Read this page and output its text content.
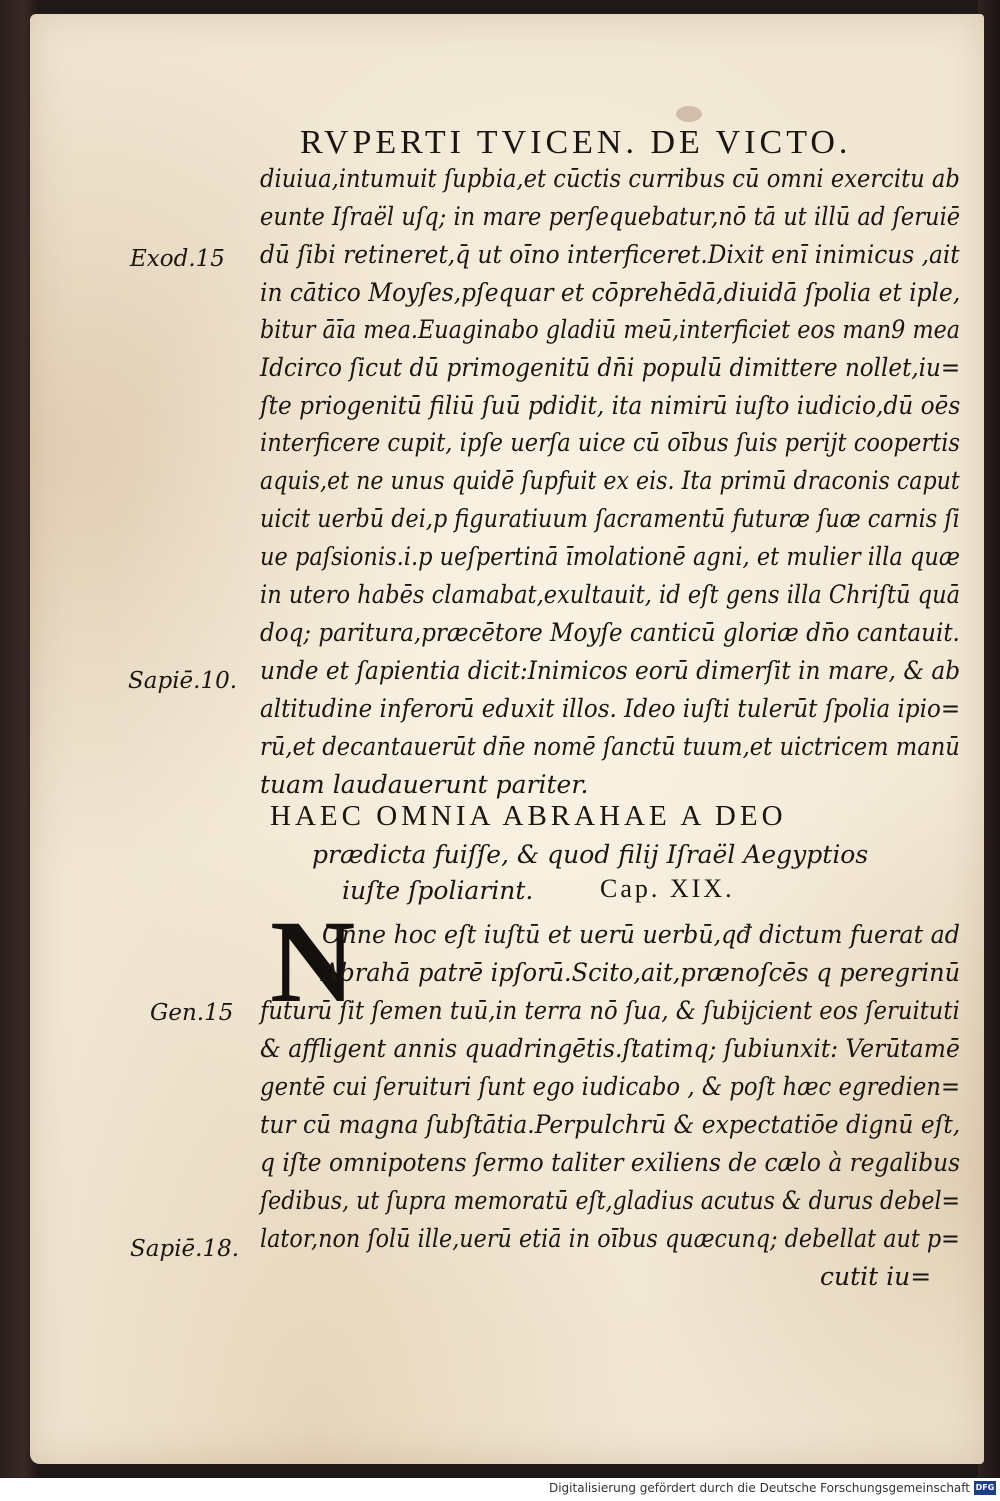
RVPERTI TVICEN. DE VICTO.
Exod.15
Sapiē.10.
Gen.15
Sapiē.18.
diuiua,intumuit ſupbia,et cūctis curribus cū omni exercitu ab
eunte Iſraël uſq; in mare perſequebatur,nō tā ut illū ad ſeruiē
dū ſibi retineret,q̄ ut oīno interficeret.Dixit enī inimicus ,ait
in cātico Moyſes,pſequar et cōprehēdā,diuidā ſpolia et iple,
bitur āīa mea.Euaginabo gladiū meū,interficiet eos man9 mea
Idcirco ſicut dū primogenitū dn̄i populū dimittere nollet,iu=
ſte priogenitū filiū ſuū pdidit, ita nimirū iuſto iudicio,dū oēs
interficere cupit, ipſe uerſa uice cū oībus ſuis perijt coopertis
aquis,et ne unus quidē ſupfuit ex eis. Ita primū draconis caput
uicit uerbū dei,p figuratiuum ſacramentū futuræ ſuæ carnis ſi
ue paſsionis.i.p ueſpertinā īmolationē agni, et mulier illa quæ
in utero habēs clamabat,exultauit, id eſt gens illa Chriſtū quā
doq; paritura,præcētore Moyſe canticū gloriæ dn̄o cantauit.
unde et ſapientia dicit:Inimicos eorū dimerſit in mare, & ab
altitudine inferorū eduxit illos. Ideo iuſti tulerūt ſpolia ipio=
rū,et decantauerūt dn̄e nomē ſanctū tuum,et uictricem manū
tuam laudauerunt pariter.
HAEC OMNIA ABRAHAE A DEO
prædicta fuiſſe, & quod filij Iſraël Aegyptios
iuſte ſpoliarint.	Cap. XIX.
N
Onne hoc eſt iuſtū et uerū uerbū,qđ dictum fuerat ad
Abrahā patrē ipſorū.Scito,ait,prænoſcēs q peregrinū
futurū ſit ſemen tuū,in terra nō ſua, & ſubijcient eos ſeruituti
& affligent annis quadringētis.ſtatimq; ſubiunxit: Verūtamē
gentē cui ſeruituri ſunt ego iudicabo , & poſt hæc egredien=
tur cū magna ſubſtātia.Perpulchrū & expectatiōe dignū eſt,
q iſte omnipotens ſermo taliter exiliens de cælo à regalibus
ſedibus, ut ſupra memoratū eſt,gladius acutus & durus debel=
lator,non ſolū ille,uerū etiā in oībus quæcunq; debellat aut p=
cutit iu=
Digitalisierung gefördert durch die Deutsche Forschungsgemeinschaft DFG
